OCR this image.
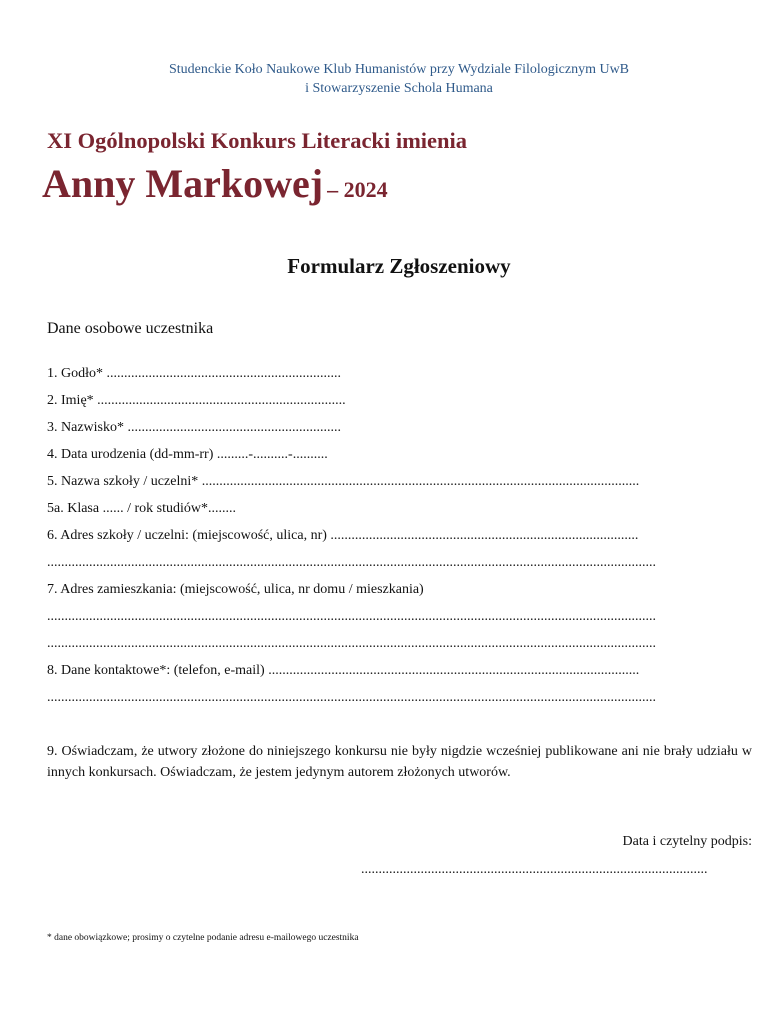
Studenckie Koło Naukowe Klub Humanistów przy Wydziale Filologicznym UwB
i Stowarzyszenie Schola Humana
XI Ogólnopolski Konkurs Literacki imienia
Anny Markowej – 2024
Formularz Zgłoszeniowy
Dane osobowe uczestnika
1. Godło* ...................................................................
2. Imię* .......................................................................
3. Nazwisko* .............................................................
4. Data urodzenia (dd-mm-rr) .........-..........-..........
5. Nazwa szkoły / uczelni* .............................................................................................................................
5a. Klasa ...... / rok studiów*........
6. Adres szkoły / uczelni: (miejscowość, ulica, nr) ........................................................................................
..............................................................................................................................................................................
7. Adres zamieszkania: (miejscowość, ulica, nr domu / mieszkania)
..............................................................................................................................................................................
..............................................................................................................................................................................
8. Dane kontaktowe*: (telefon, e-mail) ..........................................................................................................
..............................................................................................................................................................................
9. Oświadczam, że utwory złożone do niniejszego konkursu nie były nigdzie wcześniej publikowane ani nie brały udziału w innych konkursach. Oświadczam, że jestem jedynym autorem złożonych utworów.
Data i czytelny podpis:
...................................................................................................
* dane obowiązkowe; prosimy o czytelne podanie adresu e-mailowego uczestnika
